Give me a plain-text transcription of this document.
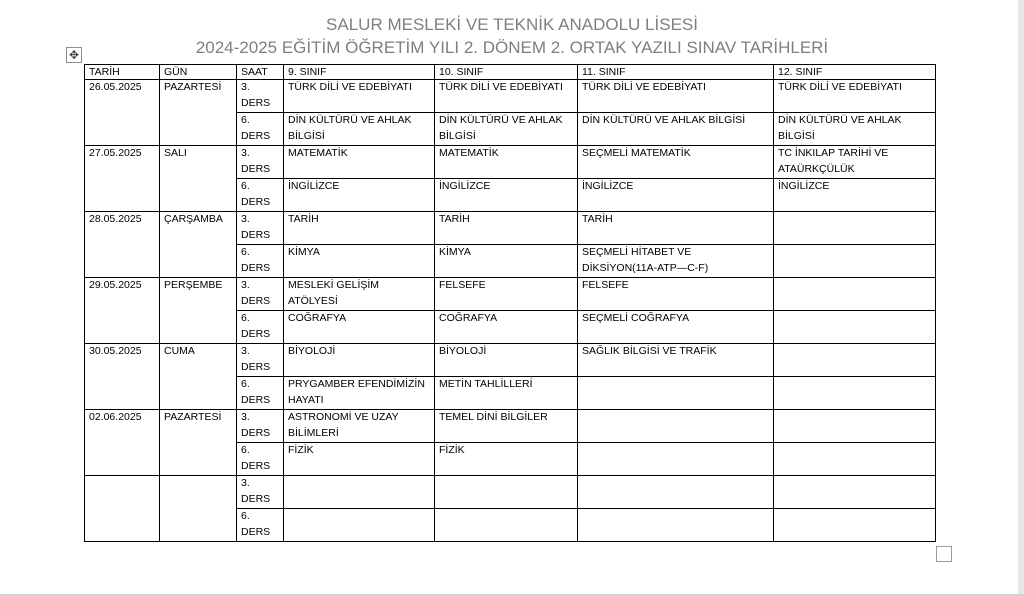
SALUR MESLEKİ VE TEKNİK ANADOLU LİSESİ
2024-2025 EĞİTİM ÖĞRETİM YILI 2. DÖNEM 2. ORTAK YAZILI SINAV TARİHLERİ
✥
TARİH	GÜN	SAAT	9. SINIF	10. SINIF	11. SINIF	12. SINIF
26.05.2025	PAZARTESİ	3. DERS	TÜRK DİLİ VE EDEBİYATI	TÜRK DİLİ VE EDEBİYATI	TÜRK DİLİ VE EDEBİYATI	TÜRK DİLİ VE EDEBİYATI
		6. DERS	DİN KÜLTÜRÜ VE AHLAK BİLGİSİ	DİN KÜLTÜRÜ VE AHLAK BİLGİSİ	DİN KÜLTÜRÜ VE AHLAK BİLGİSİ	DİN KÜLTÜRÜ VE AHLAK BİLGİSİ
27.05.2025	SALI	3. DERS	MATEMATİK	MATEMATİK	SEÇMELİ MATEMATİK	TC İNKILAP TARİHİ VE ATAÜRKÇÜLÜK
		6. DERS	İNGİLİZCE	İNGİLİZCE	İNGİLİZCE	İNGİLİZCE
28.05.2025	ÇARŞAMBA	3. DERS	TARİH	TARİH	TARİH	
		6. DERS	KİMYA	KİMYA	SEÇMELİ HİTABET VE DİKSİYON(11A-ATP—C-F)	
29.05.2025	PERŞEMBE	3. DERS	MESLEKİ GELİŞİM ATÖLYESİ	FELSEFE	FELSEFE	
		6. DERS	COĞRAFYA	COĞRAFYA	SEÇMELİ COĞRAFYA	
30.05.2025	CUMA	3. DERS	BİYOLOJİ	BİYOLOJİ	SAĞLIK BİLGİSİ VE TRAFİK	
		6. DERS	PRYGAMBER EFENDİMİZİN HAYATI	METİN TAHLİLLERİ		
02.06.2025	PAZARTESİ	3. DERS	ASTRONOMİ VE UZAY BİLİMLERİ	TEMEL DİNİ BİLGİLER		
		6. DERS	FİZİK	FİZİK		
		3. DERS				
		6. DERS				
